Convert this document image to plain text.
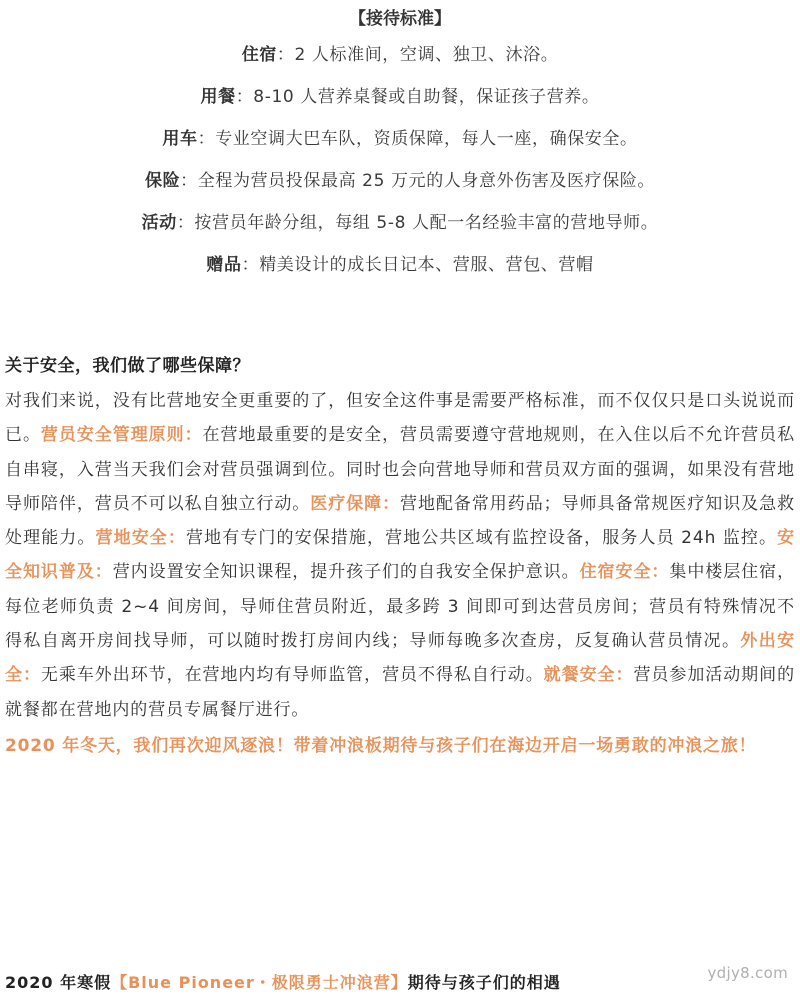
【接待标准】
住宿：2 人标准间，空调、独卫、沐浴。
用餐：8-10 人营养桌餐或自助餐，保证孩子营养。
用车：专业空调大巴车队，资质保障，每人一座，确保安全。
保险：全程为营员投保最高 25 万元的人身意外伤害及医疗保险。
活动：按营员年龄分组，每组 5-8 人配一名经验丰富的营地导师。
赠品：精美设计的成长日记本、营服、营包、营帽
关于安全，我们做了哪些保障？

对我们来说，没有比营地安全更重要的了，但安全这件事是需要严格标准，而不仅仅只是口头说说而已。营员安全管理原则：在营地最重要的是安全，营员需要遵守营地规则，在入住以后不允许营员私自串寝，入营当天我们会对营员强调到位。同时也会向营地导师和营员双方面的强调，如果没有营地导师陪伴，营员不可以私自独立行动。医疗保障：营地配备常用药品；导师具备常规医疗知识及急救处理能力。营地安全：营地有专门的安保措施，营地公共区域有监控设备，服务人员 24h 监控。安全知识普及：营内设置安全知识课程，提升孩子们的自我安全保护意识。住宿安全：集中楼层住宿，每位老师负责 2~4 间房间，导师住营员附近，最多跨 3 间即可到达营员房间；营员有特殊情况不得私自离开房间找导师，可以随时拨打房间内线；导师每晚多次查房，反复确认营员情况。外出安全：无乘车外出环节，在营地内均有导师监管，营员不得私自行动。就餐安全：营员参加活动期间的就餐都在营地内的营员专属餐厅进行。

2020 年冬天，我们再次迎风逐浪！带着冲浪板期待与孩子们在海边开启一场勇敢的冲浪之旅！

2020 年寒假【Blue Pioneer・极限勇士冲浪营】期待与孩子们的相遇	ydjy8.com
